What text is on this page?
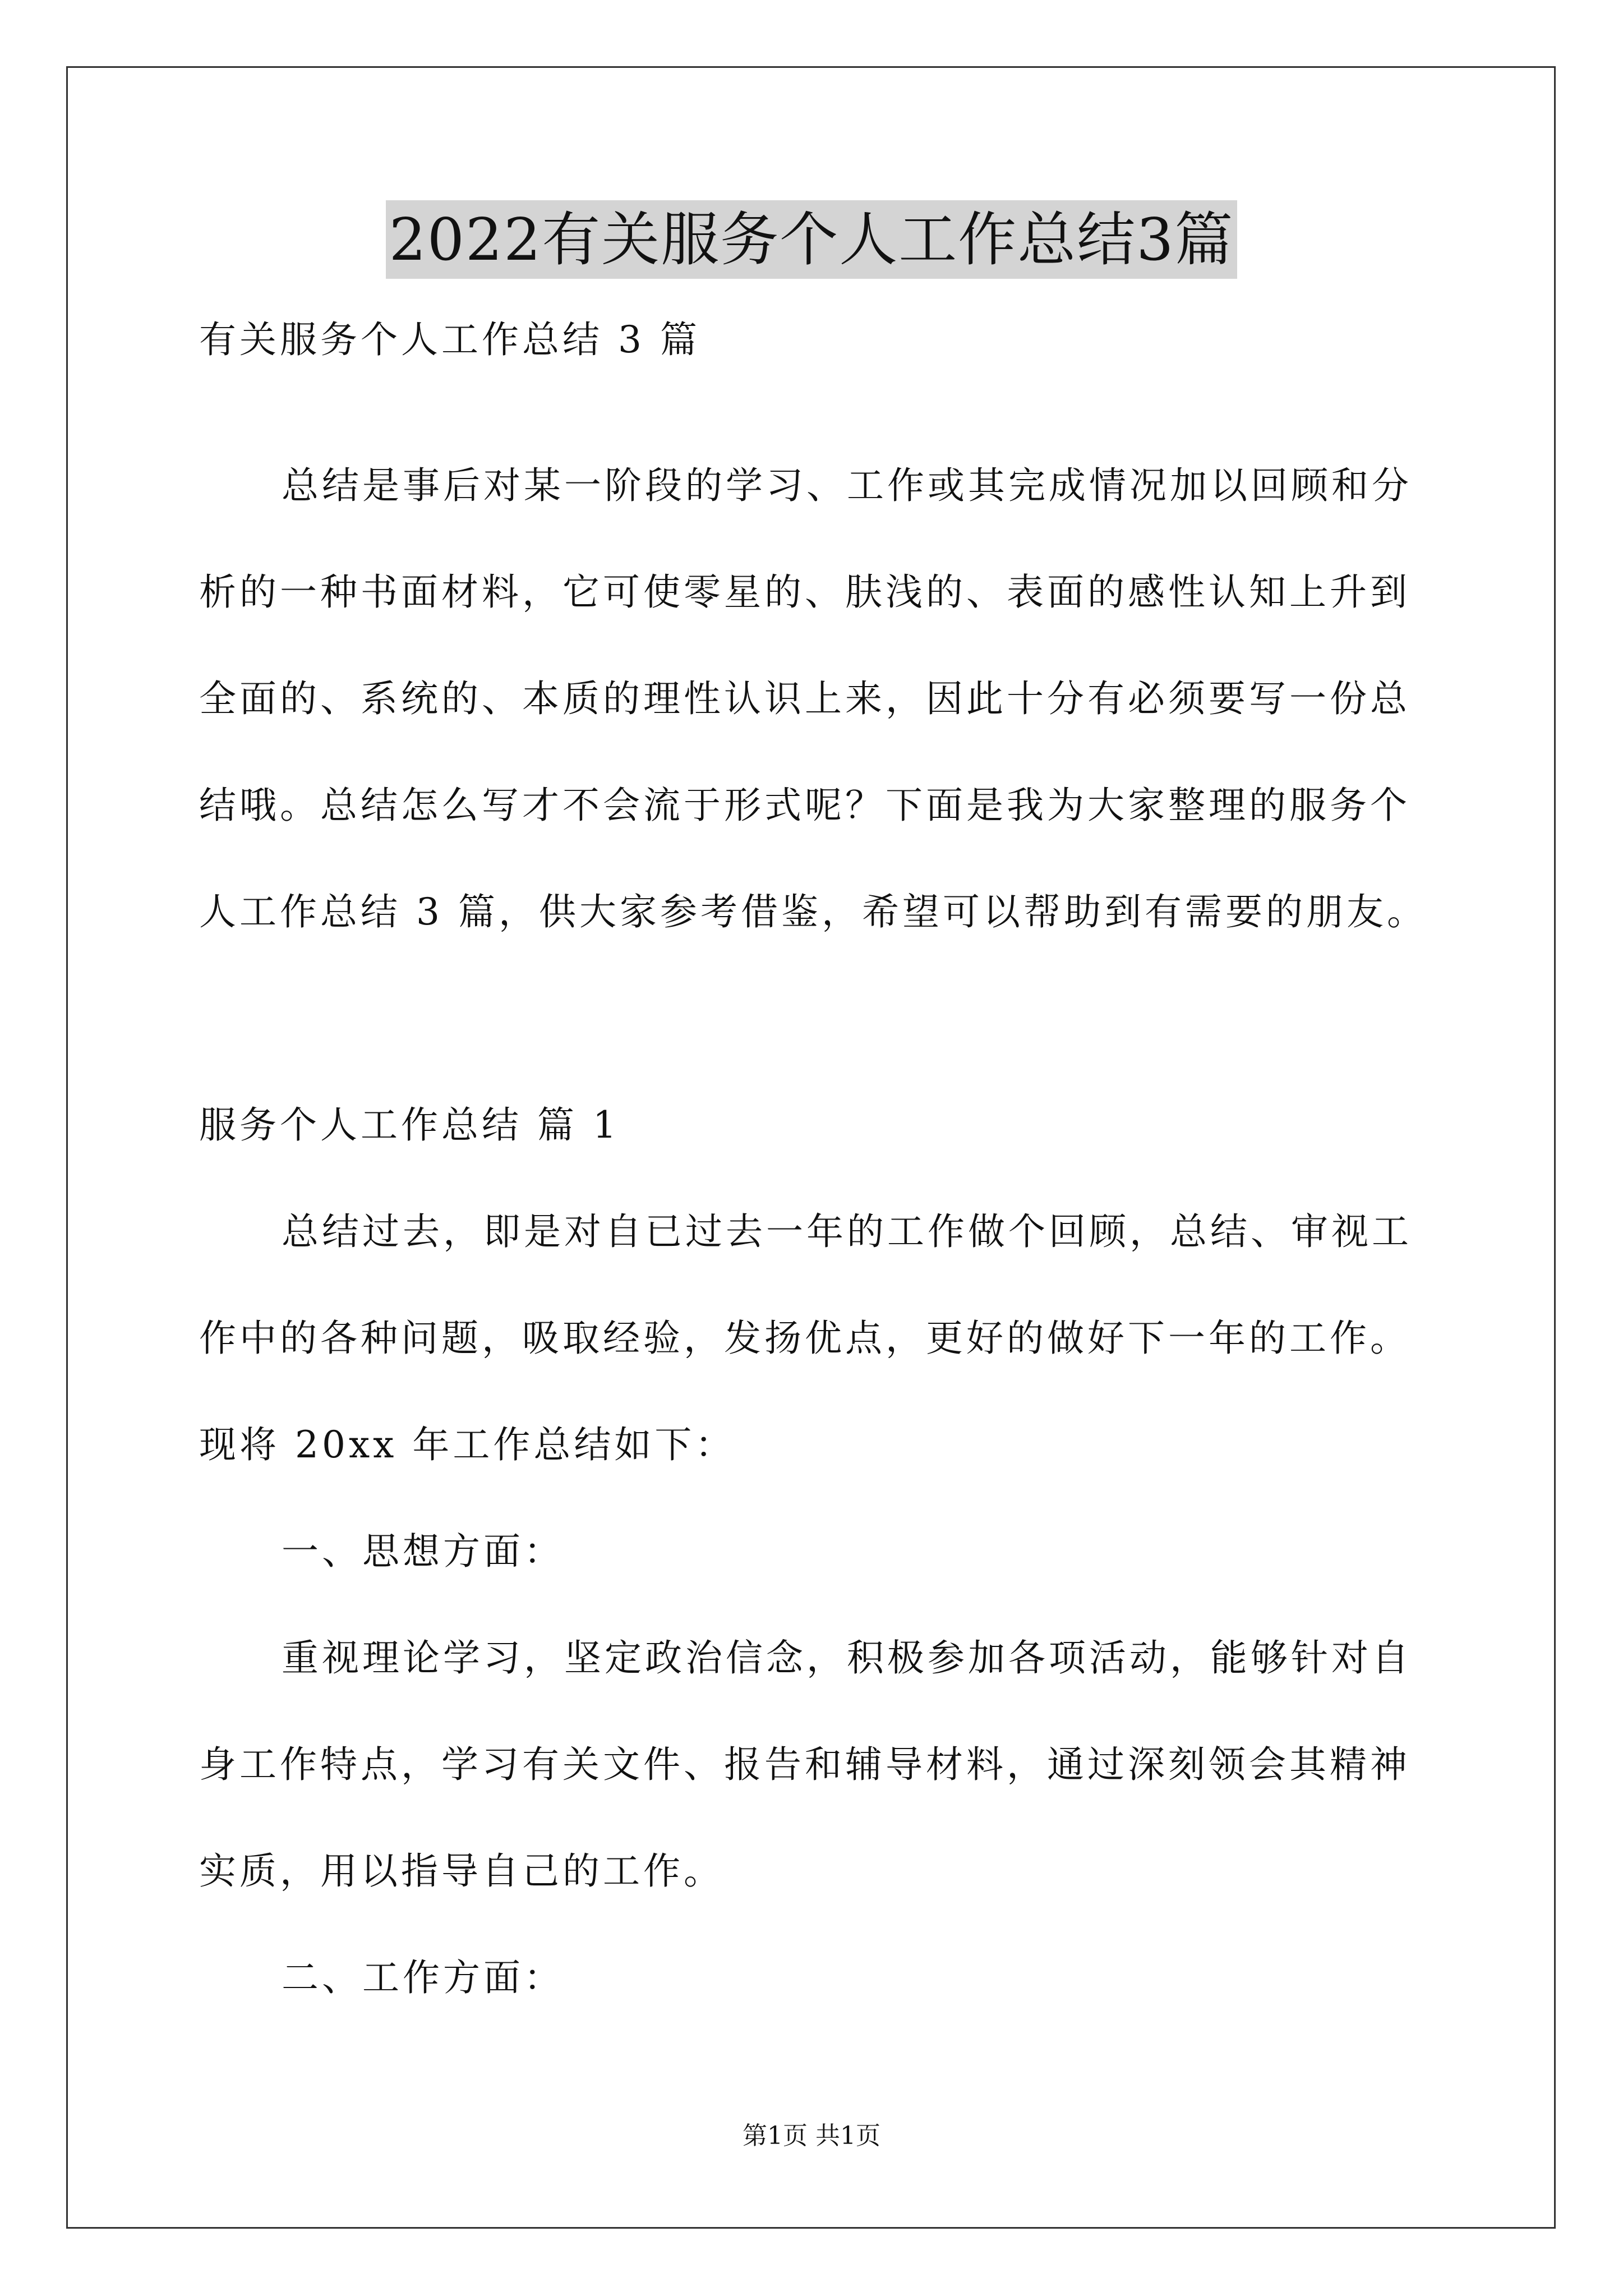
2022有关服务个人工作总结3篇
有关服务个人工作总结 3 篇
总结是事后对某一阶段的学习、工作或其完成情况加以回顾和分
析的一种书面材料，它可使零星的、肤浅的、表面的感性认知上升到
全面的、系统的、本质的理性认识上来，因此十分有必须要写一份总
结哦。总结怎么写才不会流于形式呢？下面是我为大家整理的服务个
人工作总结 3 篇，供大家参考借鉴，希望可以帮助到有需要的朋友。
服务个人工作总结 篇 1
总结过去，即是对自已过去一年的工作做个回顾，总结、审视工
作中的各种问题，吸取经验，发扬优点，更好的做好下一年的工作。
现将 20xx 年工作总结如下：
一、思想方面：
重视理论学习，坚定政治信念，积极参加各项活动，能够针对自
身工作特点，学习有关文件、报告和辅导材料，通过深刻领会其精神
实质，用以指导自己的工作。
二、工作方面：
第1页 共1页
